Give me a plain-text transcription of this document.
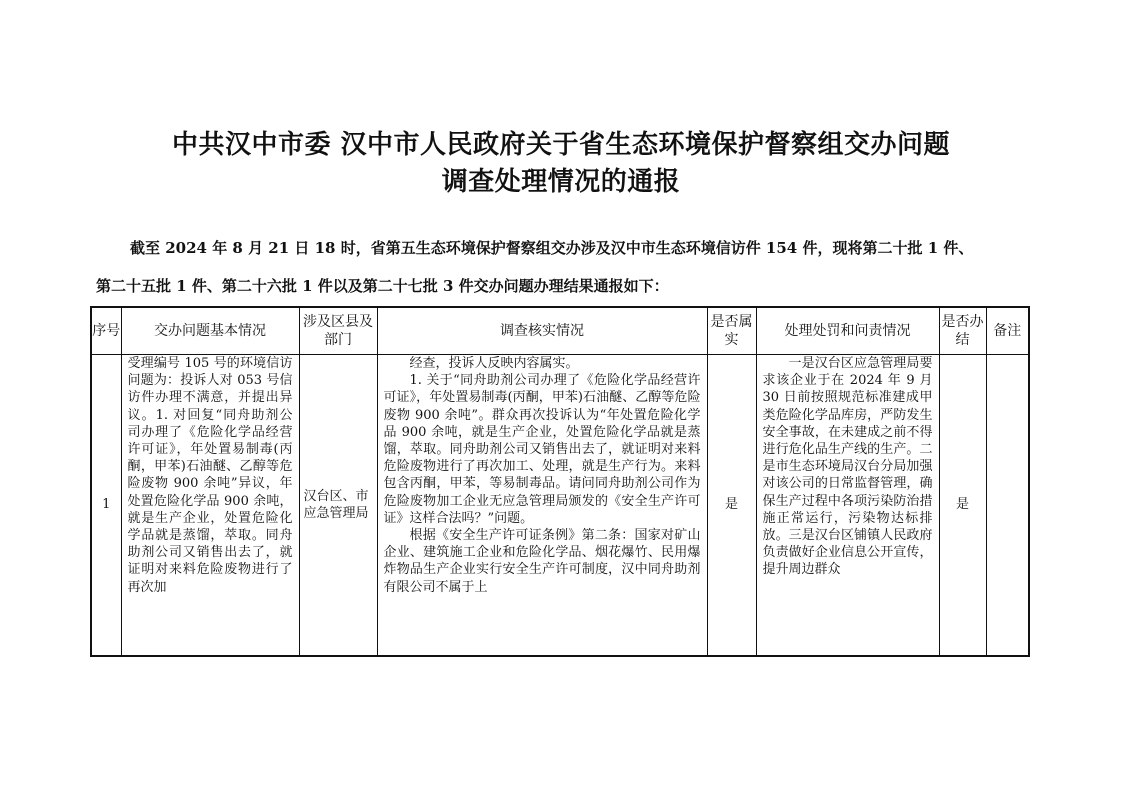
中共汉中市委 汉中市人民政府关于省生态环境保护督察组交办问题
调查处理情况的通报
截至 2024 年 8 月 21 日 18 时，省第五生态环境保护督察组交办涉及汉中市生态环境信访件 154 件，现将第二十批 1 件、
第二十五批 1 件、第二十六批 1 件以及第二十七批 3 件交办问题办理结果通报如下：
序号	交办问题基本情况	涉及区县及部门	调查核实情况	是否属实	处理处罚和问责情况	是否办结	备注
1	受理编号 105 号的环境信访问题为：投诉人对 053 号信访件办理不满意，并提出异议。1. 对回复“同舟助剂公司办理了《危险化学品经营许可证》，年处置易制毒(丙酮，甲苯)石油醚、乙醇等危险废物 900 余吨”异议，年处置危险化学品 900 余吨，就是生产企业，处置危险化学品就是蒸馏，萃取。同舟助剂公司又销售出去了，就证明对来料危险废物进行了再次加	汉台区、市应急管理局	经查，投诉人反映内容属实。

1. 关于“同舟助剂公司办理了《危险化学品经营许可证》，年处置易制毒(丙酮，甲苯)石油醚、乙醇等危险废物 900 余吨”。群众再次投诉认为“年处置危险化学品 900 余吨，就是生产企业，处置危险化学品就是蒸馏，萃取。同舟助剂公司又销售出去了，就证明对来料危险废物进行了再次加工、处理，就是生产行为。来料包含丙酮，甲苯，等易制毒品。请问同舟助剂公司作为危险废物加工企业无应急管理局颁发的《安全生产许可证》这样合法吗？”问题。

根据《安全生产许可证条例》第二条：国家对矿山企业、建筑施工企业和危险化学品、烟花爆竹、民用爆炸物品生产企业实行安全生产许可制度，汉中同舟助剂有限公司不属于上	是	一是汉台区应急管理局要求该企业于在 2024 年 9 月 30 日前按照规范标准建成甲类危险化学品库房，严防发生安全事故，在未建成之前不得进行危化品生产线的生产。二是市生态环境局汉台分局加强对该公司的日常监督管理，确保生产过程中各项污染防治措施正常运行，污染物达标排放。三是汉台区铺镇人民政府负责做好企业信息公开宣传，提升周边群众	是	
